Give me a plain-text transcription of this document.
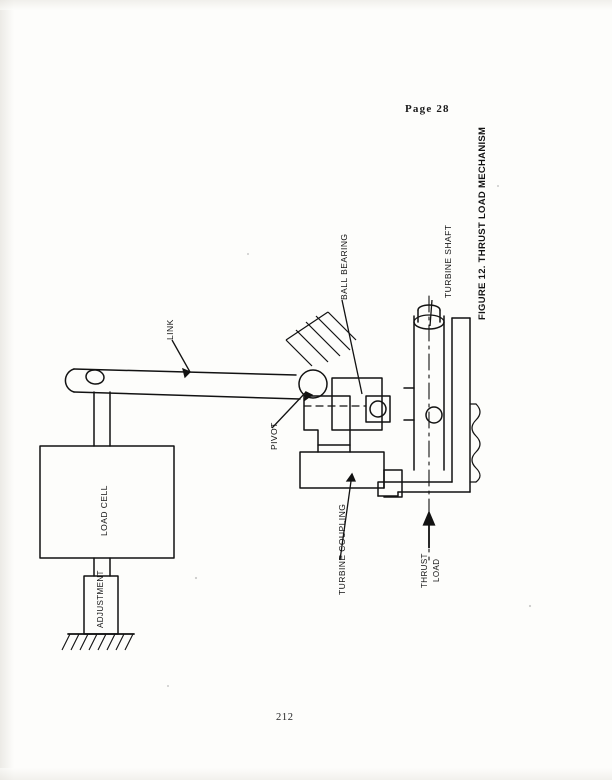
Page 28
FIGURE 12. THRUST LOAD MECHANISM
LINK
BALL BEARING	TURBINE SHAFT
PIVOT
TURBINE COUPLING	THRUST LOAD
LOAD CELL
ADJUSTMENT
212
